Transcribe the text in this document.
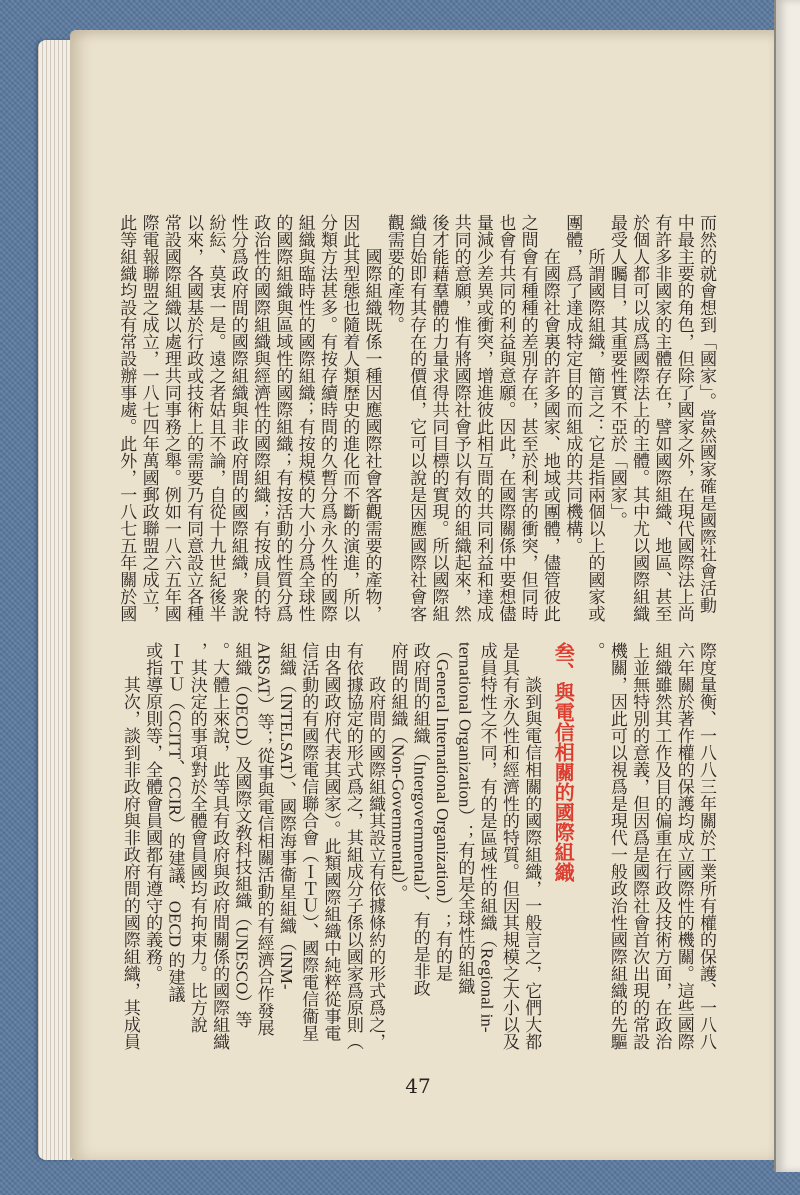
而然的就會想到「國家」。當然國家確是國際社會活動
中最主要的角色，但除了國家之外，在現代國際法上尚
有許多非國家的主體存在，譬如國際組織、地區、甚至
於個人都可以成爲國際法上的主體。其中尤以國際組織
最受人矚目，其重要性實不亞於「國家」。
所謂國際組織，簡言之：它是指兩個以上的國家或
團體，爲了達成特定目的而組成的共同機構。
在國際社會裏的許多國家、地域或團體，儘管彼此
之間會有種種的差別存在，甚至於利害的衝突，但同時
也會有共同的利益與意願。因此，在國際關係中要想儘
量減少差異或衝突，增進彼此相互間的共同利益和達成
共同的意願，惟有將國際社會予以有效的組織起來，然
後才能藉羣體的力量求得共同目標的實現。所以國際組
織自始即有其存在的價值，它可以說是因應國際社會客
觀需要的產物。
國際組織既係一種因應國際社會客觀需要的產物，
因此其型態也隨着人類歷史的進化而不斷的演進，所以
分類方法甚多。有按存續時間的久暫分爲永久性的國際
組織與臨時性的國際組織；有按規模的大小分爲全球性
的國際組織與區域性的國際組織；有按活動的性質分爲
政治性的國際組織與經濟性的國際組織；有按成員的特
性分爲政府間的國際組織與非政府間的國際組織，衆說
紛紜、莫衷一是。遠之者姑且不論，自從十九世紀後半
以來，各國基於行政或技術上的需要乃有同意設立各種
常設國際組織以處理共同事務之舉。例如一八六五年國
際電報聯盟之成立，一八七四年萬國郵政聯盟之成立，
此等組織均設有常設辦事處。此外，一八七五年關於國
際度量衡、一八八三年關於工業所有權的保護、一八八
六年關於著作權的保護均成立國際性的機關。這些國際
組織雖然其工作及目的偏重在行政及技術方面，在政治
上並無特別的意義，但因爲是國際社會首次出現的常設
機關，因此可以視爲是現代一般政治性國際組織的先驅
。
叁、與電信相關的國際組織
談到與電信相關的國際組織，一般言之，它們大都
是具有永久性和經濟性的特質。但因其規模之大小以及
成員特性之不同，有的是區域性的組織（Regional in-
ternational Organization）；有的是全球性的組織
（General International Organization）；有的是
政府間的組織（Intergovernmental）、有的是非政
府間的組織（Non-Governmental）。
政府間的國際組織其設立有依據條約的形式爲之，
有依據協定的形式爲之，其組成分子係以國家爲原則（
由各國政府代表其國家）。此類國際組織中純粹從事電
信活動的有國際電信聯合會（ＩＴＵ）、國際電信衞星
組織（INTELSAT）、國際海事衞星組織（INM-
ARSAT）等；從事與電信相關活動的有經濟合作發展
組織（OECD）及國際文敎科技組織（UNESCO）等
。大體上來說，此等具有政府與政府間關係的國際組織
，其決定的事項對於全體會員國均有拘束力。比方說
ＩＴＵ（CCITT、CCIR）的建議、OECD 的建議
或指導原則等，全體會員國都有遵守的義務。
其次，談到非政府與非政府間的國際組織，其成員
47
